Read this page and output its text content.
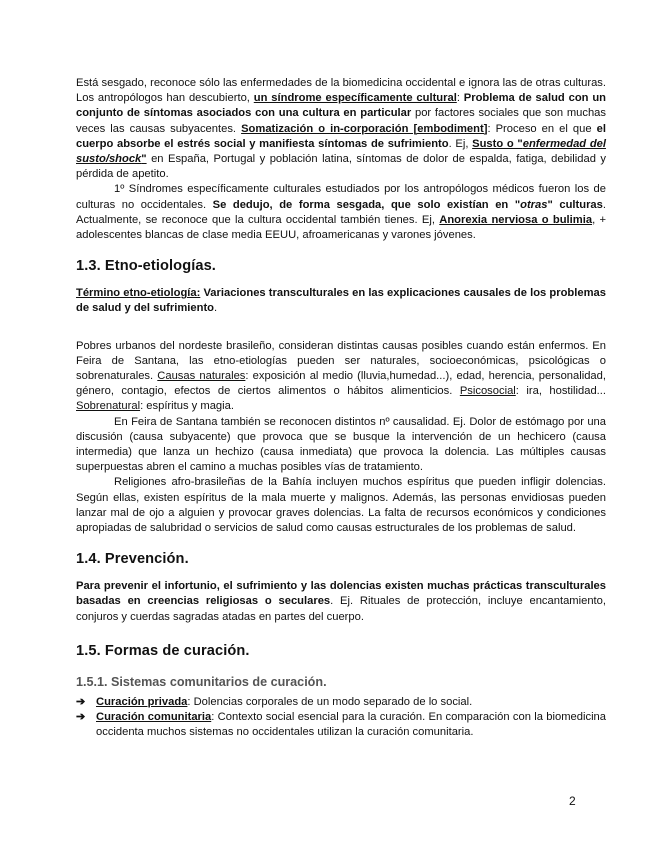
Está sesgado, reconoce sólo las enfermedades de la biomedicina occidental e ignora las de otras culturas. Los antropólogos han descubierto, un síndrome específicamente cultural: Problema de salud con un conjunto de síntomas asociados con una cultura en particular por factores sociales que son muchas veces las causas subyacentes. Somatización o in-corporación [embodiment]: Proceso en el que el cuerpo absorbe el estrés social y manifiesta síntomas de sufrimiento. Ej, Susto o "enfermedad del susto/shock" en España, Portugal y población latina, síntomas de dolor de espalda, fatiga, debilidad y pérdida de apetito.

1º Síndromes específicamente culturales estudiados por los antropólogos médicos fueron los de culturas no occidentales. Se dedujo, de forma sesgada, que solo existían en "otras" culturas. Actualmente, se reconoce que la cultura occidental también tienes. Ej, Anorexia nerviosa o bulimia, + adolescentes blancas de clase media EEUU, afroamericanas y varones jóvenes.

1.3. Etno-etiologías.

Término etno-etiología: Variaciones transculturales en las explicaciones causales de los problemas de salud y del sufrimiento.

Pobres urbanos del nordeste brasileño, consideran distintas causas posibles cuando están enfermos. En Feira de Santana, las etno-etiologías pueden ser naturales, socioeconómicas, psicológicas o sobrenaturales. Causas naturales: exposición al medio (lluvia,humedad...), edad, herencia, personalidad, género, contagio, efectos de ciertos alimentos o hábitos alimenticios. Psicosocial: ira, hostilidad... Sobrenatural: espíritus y magia.

En Feira de Santana también se reconocen distintos nº causalidad. Ej. Dolor de estómago por una discusión (causa subyacente) que provoca que se busque la intervención de un hechicero (causa intermedia) que lanza un hechizo (causa inmediata) que provoca la dolencia. Las múltiples causas superpuestas abren el camino a muchas posibles vías de tratamiento.

Religiones afro-brasileñas de la Bahía incluyen muchos espíritus que pueden infligir dolencias. Según ellas, existen espíritus de la mala muerte y malignos. Además, las personas envidiosas pueden lanzar mal de ojo a alguien y provocar graves dolencias. La falta de recursos económicos y condiciones apropiadas de salubridad o servicios de salud como causas estructurales de los problemas de salud.

1.4. Prevención.

Para prevenir el infortunio, el sufrimiento y las dolencias existen muchas prácticas transculturales basadas en creencias religiosas o seculares. Ej. Rituales de protección, incluye encantamiento, conjuros y cuerdas sagradas atadas en partes del cuerpo.

1.5. Formas de curación.
1.5.1. Sistemas comunitarios de curación.
➔ Curación privada: Dolencias corporales de un modo separado de lo social.
➔ Curación comunitaria: Contexto social esencial para la curación. En comparación con la biomedicina occidenta muchos sistemas no occidentales utilizan la curación comunitaria.
2
